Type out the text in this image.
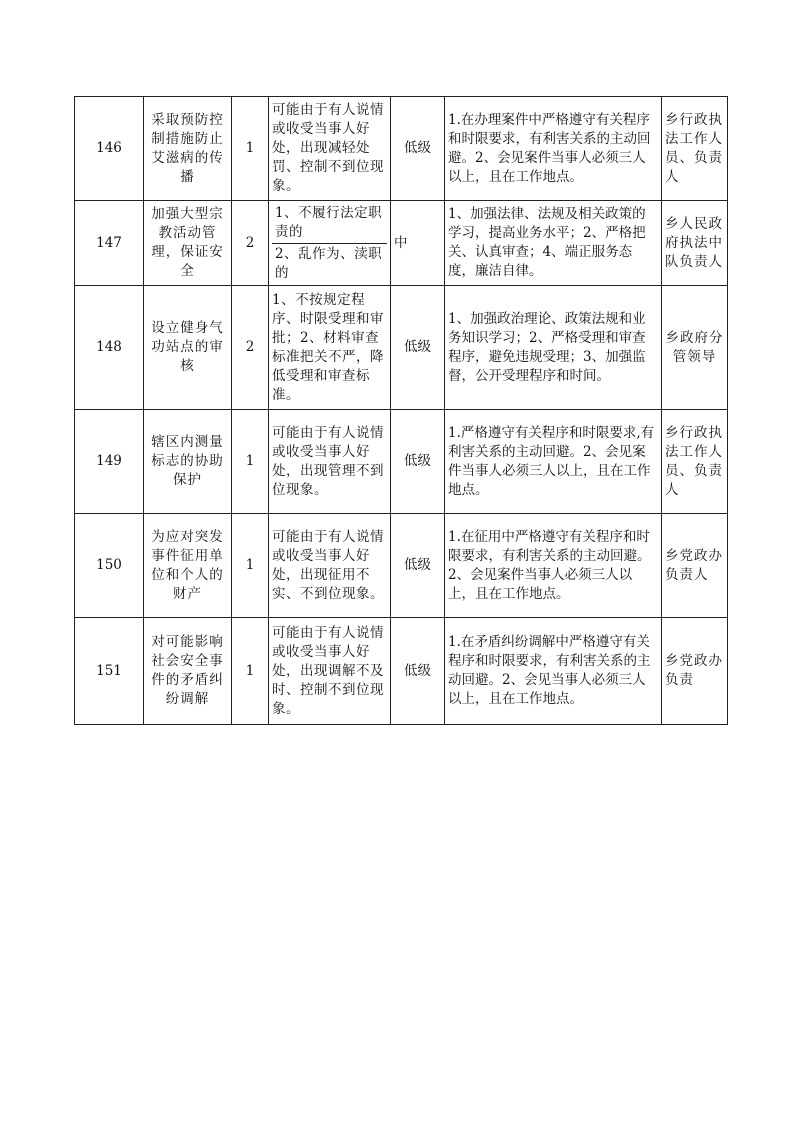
146	采取预防控制措施防止艾滋病的传播	1	可能由于有人说情或收受当事人好处，出现减轻处罚、控制不到位现象。	低级	1.在办理案件中严格遵守有关程序和时限要求，有利害关系的主动回避。2、会见案件当事人必须三人以上，且在工作地点。	乡行政执法工作人员、负责人
147	加强大型宗教活动管理，保证安全	2	1、不履行法定职责的
2、乱作为、渎职的	中	1、加强法律、法规及相关政策的学习，提高业务水平；2、严格把关、认真审查；4、端正服务态度，廉洁自律。	乡人民政府执法中队负责人
148	设立健身气功站点的审核	2	1、不按规定程序、时限受理和审批；2、材料审查标准把关不严，降低受理和审查标准。	低级	1、加强政治理论、政策法规和业务知识学习；2、严格受理和审查程序，避免违规受理；3、加强监督，公开受理程序和时间。	乡政府分管领导
149	辖区内测量标志的协助保护	1	可能由于有人说情或收受当事人好处，出现管理不到位现象。	低级	1.严格遵守有关程序和时限要求,有利害关系的主动回避。2、会见案件当事人必须三人以上，且在工作地点。	乡行政执法工作人员、负责人
150	为应对突发事件征用单位和个人的财产	1	可能由于有人说情或收受当事人好处，出现征用不实、不到位现象。	低级	1.在征用中严格遵守有关程序和时限要求，有利害关系的主动回避。2、会见案件当事人必须三人以上，且在工作地点。	乡党政办负责人
151	对可能影响社会安全事件的矛盾纠纷调解	1	可能由于有人说情或收受当事人好处，出现调解不及时、控制不到位现象。	低级	1.在矛盾纠纷调解中严格遵守有关程序和时限要求，有利害关系的主动回避。2、会见当事人必须三人以上，且在工作地点。	乡党政办负责
